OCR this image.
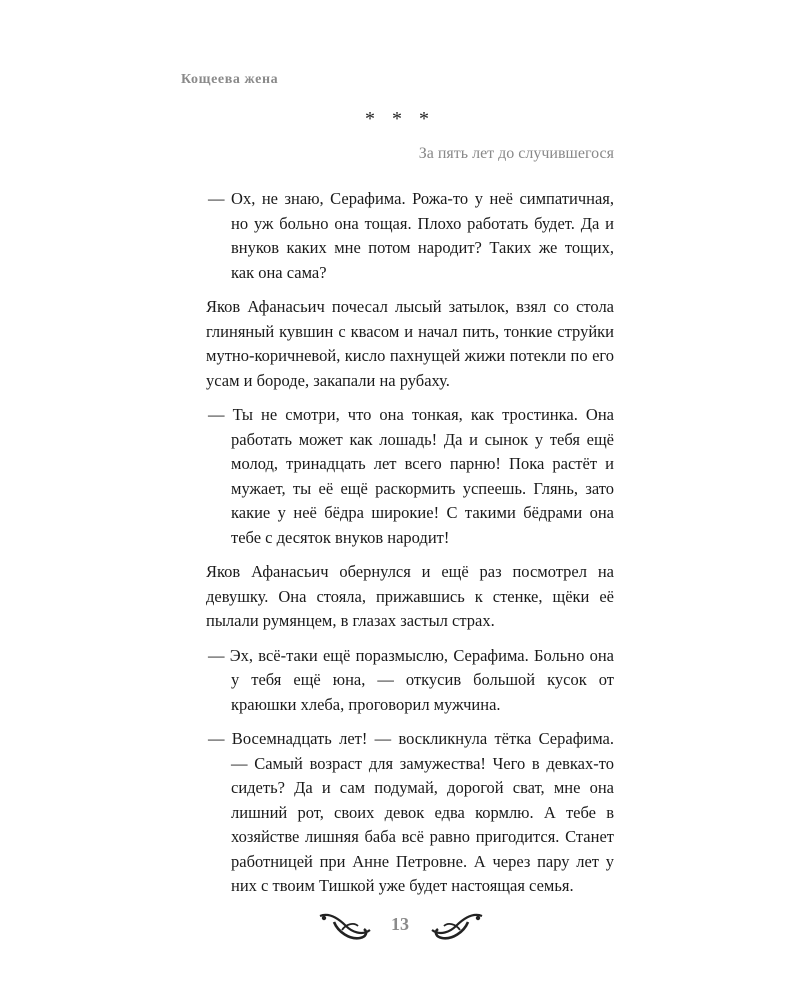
Кощеева жена
* * *
За пять лет до случившегося

— Ох, не знаю, Серафима. Рожа-то у неё симпатичная, но уж больно она тощая. Плохо работать будет. Да и внуков каких мне потом народит? Таких же тощих, как она сама?

Яков Афанасьич почесал лысый затылок, взял со стола глиняный кувшин с квасом и начал пить, тонкие струйки мутно-коричневой, кисло пахнущей жижи потекли по его усам и бороде, закапали на рубаху.

— Ты не смотри, что она тонкая, как тростинка. Она работать может как лошадь! Да и сынок у тебя ещё молод, тринадцать лет всего парню! Пока растёт и мужает, ты её ещё раскормить успеешь. Глянь, зато какие у неё бёдра широкие! С такими бёдрами она тебе с десяток внуков народит!

Яков Афанасьич обернулся и ещё раз посмотрел на девушку. Она стояла, прижавшись к стенке, щёки её пылали румянцем, в глазах застыл страх.

— Эх, всё-таки ещё поразмыслю, Серафима. Больно она у тебя ещё юна, — откусив большой кусок от краюшки хлеба, проговорил мужчина.

— Восемнадцать лет! — воскликнула тётка Серафима. — Самый возраст для замужества! Чего в девках-то сидеть? Да и сам подумай, дорогой сват, мне она лишний рот, своих девок едва кормлю. А тебе в хозяйстве лишняя баба всё равно пригодится. Станет работницей при Анне Петровне. А через пару лет у них с твоим Тишкой уже будет настоящая семья.

13
